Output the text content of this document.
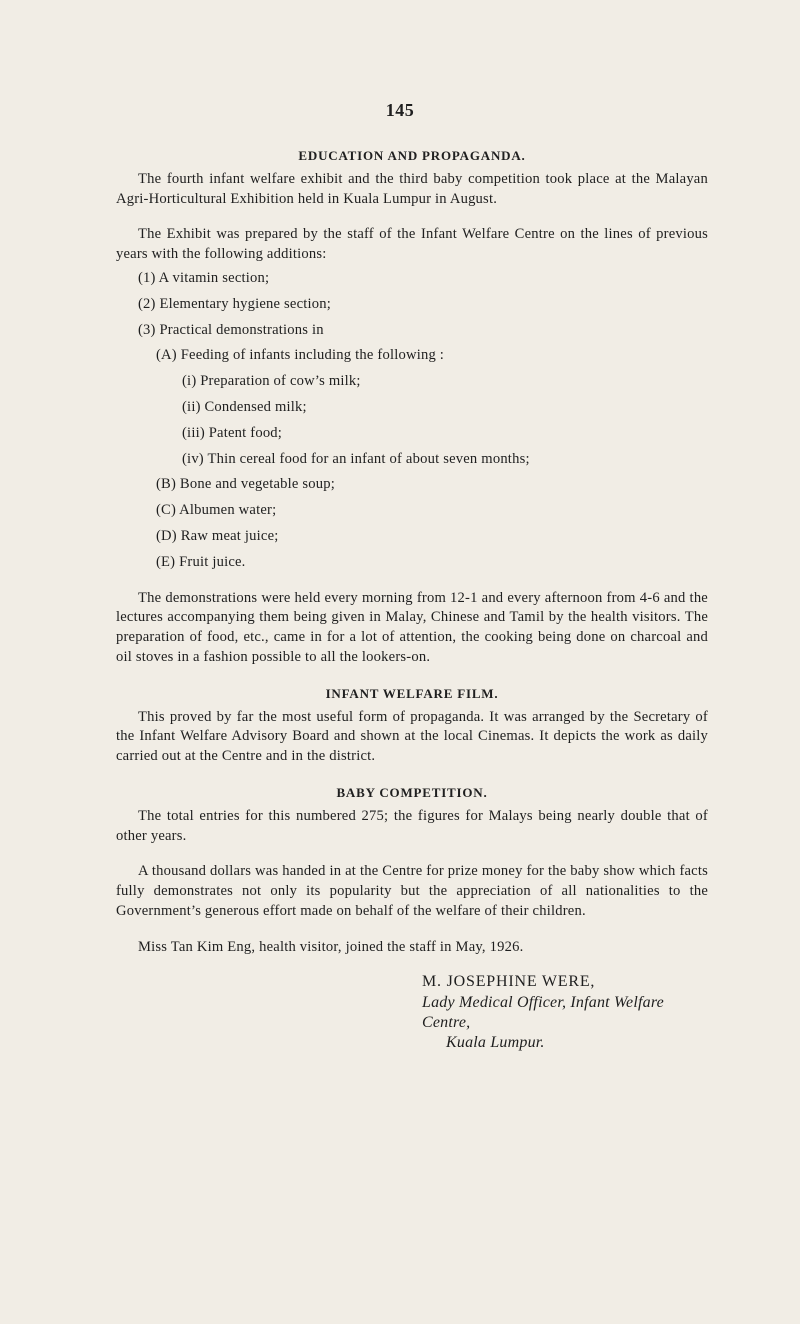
145
EDUCATION AND PROPAGANDA.

The fourth infant welfare exhibit and the third baby competition took place at the Malayan Agri-Horticultural Exhibition held in Kuala Lumpur in August.

The Exhibit was prepared by the staff of the Infant Welfare Centre on the lines of previous years with the following additions:

(1) A vitamin section;
(2) Elementary hygiene section;
(3) Practical demonstrations in
(A) Feeding of infants including the following :
(i) Preparation of cow’s milk;
(ii) Condensed milk;
(iii) Patent food;
(iv) Thin cereal food for an infant of about seven months;
(B) Bone and vegetable soup;
(C) Albumen water;
(D) Raw meat juice;
(E) Fruit juice.

The demonstrations were held every morning from 12-1 and every afternoon from 4-6 and the lectures accompanying them being given in Malay, Chinese and Tamil by the health visitors. The preparation of food, etc., came in for a lot of attention, the cooking being done on charcoal and oil stoves in a fashion possible to all the lookers-on.

INFANT WELFARE FILM.

This proved by far the most useful form of propaganda. It was arranged by the Secretary of the Infant Welfare Advisory Board and shown at the local Cinemas. It depicts the work as daily carried out at the Centre and in the district.

BABY COMPETITION.

The total entries for this numbered 275; the figures for Malays being nearly double that of other years.

A thousand dollars was handed in at the Centre for prize money for the baby show which facts fully demonstrates not only its popularity but the appreciation of all nationalities to the Government’s generous effort made on behalf of the welfare of their children.

Miss Tan Kim Eng, health visitor, joined the staff in May, 1926.

M. JOSEPHINE WERE,
Lady Medical Officer, Infant Welfare Centre,
Kuala Lumpur.
